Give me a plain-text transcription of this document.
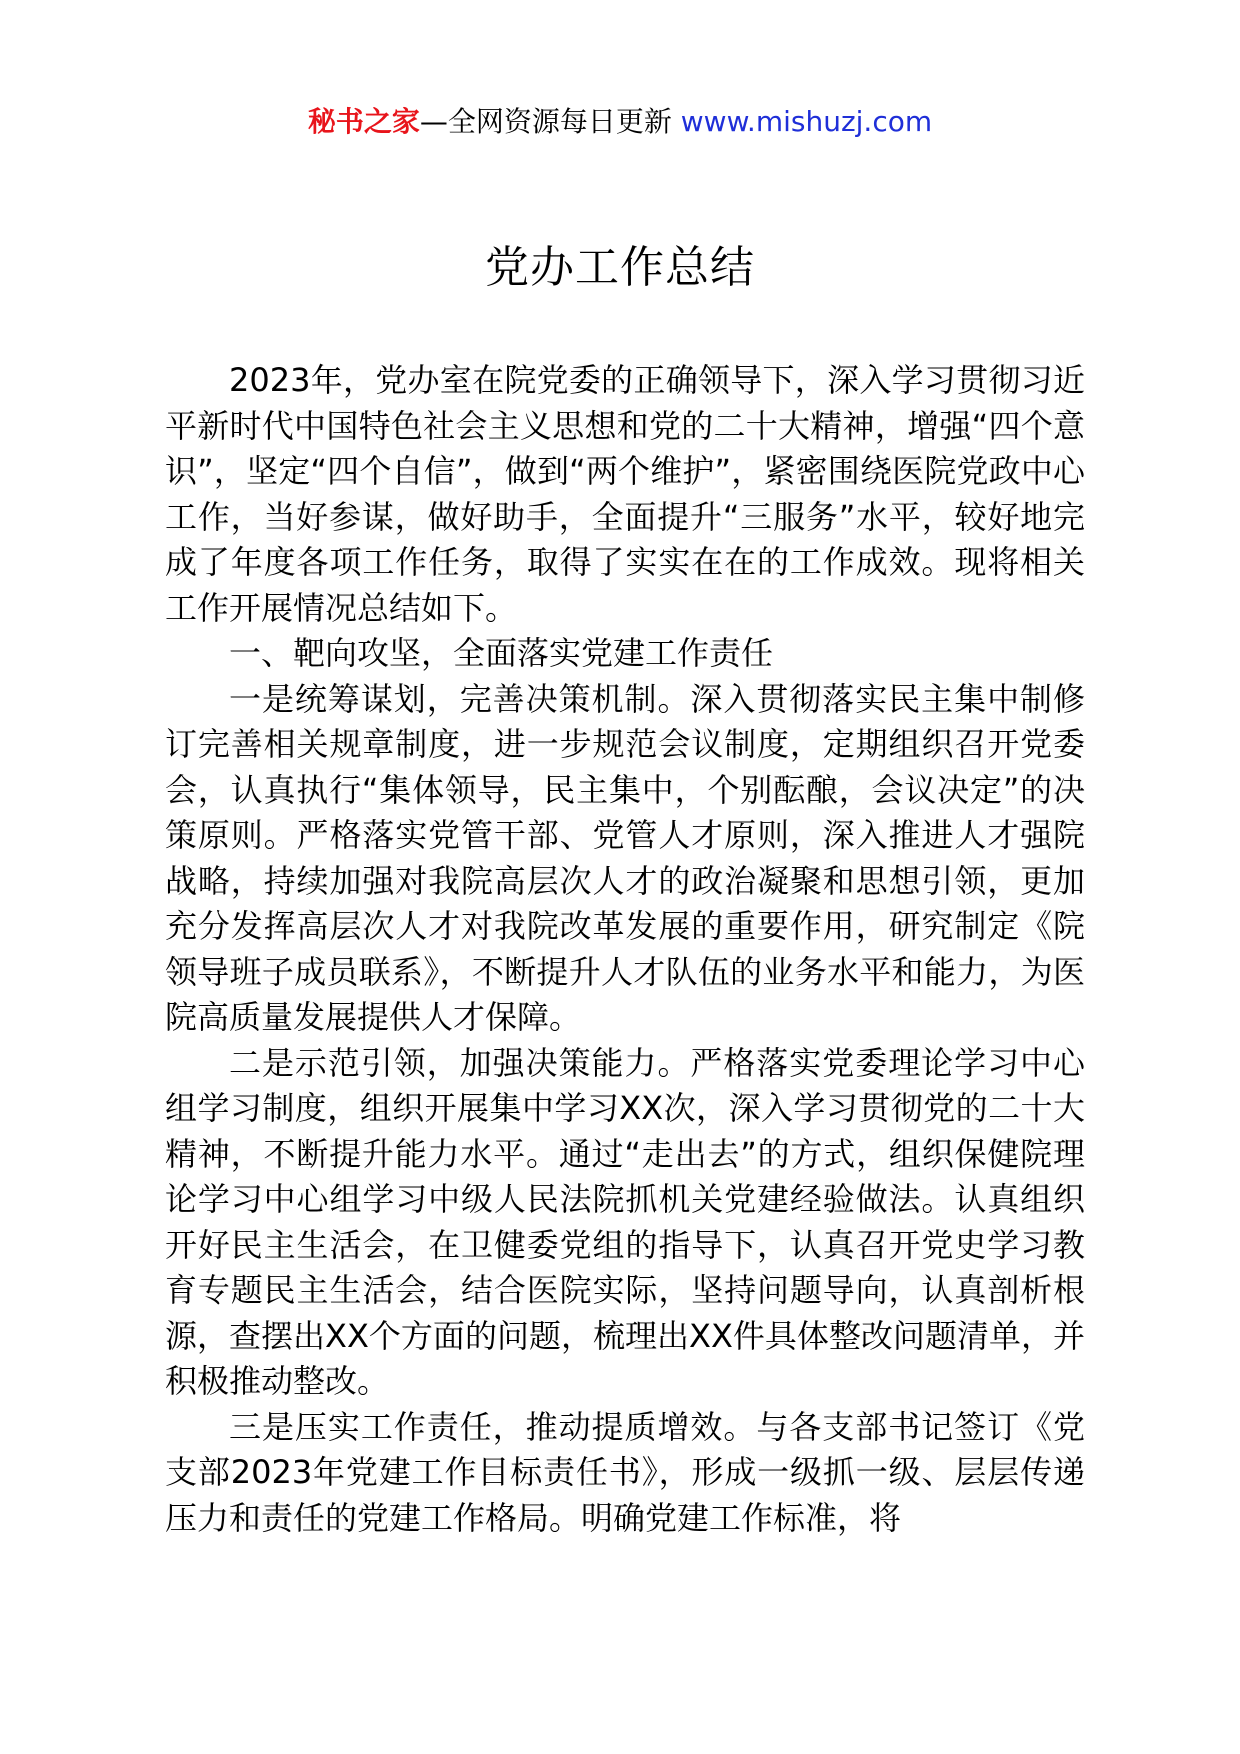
秘书之家—全网资源每日更新 www.mishuzj.com
党办工作总结

2023年，党办室在院党委的正确领导下，深入学习贯彻习近平新时代中国特色社会主义思想和党的二十大精神，增强“四个意识”，坚定“四个自信”，做到“两个维护”，紧密围绕医院党政中心工作，当好参谋，做好助手，全面提升“三服务”水平，较好地完成了年度各项工作任务，取得了实实在在的工作成效。现将相关工作开展情况总结如下。

一、靶向攻坚，全面落实党建工作责任

一是统筹谋划，完善决策机制。深入贯彻落实民主集中制修订完善相关规章制度，进一步规范会议制度，定期组织召开党委会，认真执行“集体领导，民主集中，个别酝酿，会议决定”的决策原则。严格落实党管干部、党管人才原则，深入推进人才强院战略，持续加强对我院高层次人才的政治凝聚和思想引领，更加充分发挥高层次人才对我院改革发展的重要作用，研究制定《院领导班子成员联系》，不断提升人才队伍的业务水平和能力，为医院高质量发展提供人才保障。

二是示范引领，加强决策能力。严格落实党委理论学习中心组学习制度，组织开展集中学习XX次，深入学习贯彻党的二十大精神，不断提升能力水平。通过“走出去”的方式，组织保健院理论学习中心组学习中级人民法院抓机关党建经验做法。认真组织开好民主生活会，在卫健委党组的指导下，认真召开党史学习教育专题民主生活会，结合医院实际，坚持问题导向，认真剖析根源，查摆出XX个方面的问题，梳理出XX件具体整改问题清单，并积极推动整改。

三是压实工作责任，推动提质增效。与各支部书记签订《党支部2023年党建工作目标责任书》，形成一级抓一级、层层传递压力和责任的党建工作格局。明确党建工作标准，将
